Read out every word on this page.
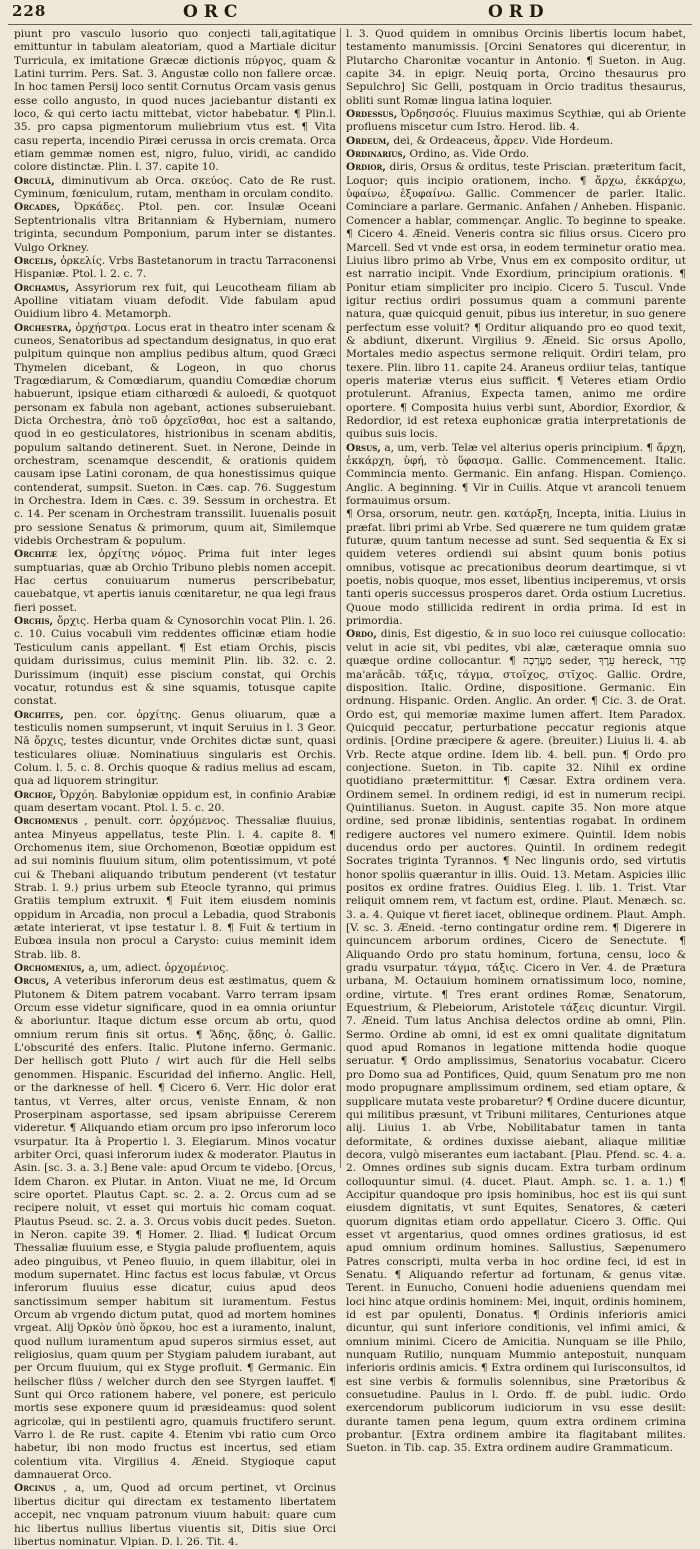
228	ORC	ORD

piunt pro vasculo lusorio quo conjecti tali,agitatique emittuntur in tabulam aleatoriam, quod a Martiale dicitur Turricula, ex imitatione Græcæ dictionis πύργος, quam & Latini turrim. Pers. Sat. 3. Angustæ collo non fallere orcæ. In hoc tamen Persij loco sentit Cornutus Orcam vasis genus esse collo angusto, in quod nuces jaciebantur distanti ex loco, & qui certo iactu mittebat, victor habebatur. ¶ Plin.l. 35. pro capsa pigmentorum muliebrium vtus est. ¶ Vita casu reperta, incendio Piræi cerussa in orcis cremata. Orca etiam gemmæ nomen est, nigro, fuluo, viridi, ac candido colore distinctæ. Plin. l. 37. capite 10.

Orculâ, diminutivum ab Orca. σκεύος. Cato de Re rust. Cyminum, fœniculum, rutam, mentham in orculam condito.

Orcades, Ὀρκάδες. Ptol. pen. cor. Insulæ Oceani Septentrionalis vltra Britanniam & Hyberniam, numero triginta, secundum Pomponium, parum inter se distantes. Vulgo Orkney.

Orcelis, ὀρκελίς. Vrbs Bastetanorum in tractu Tarraconensi Hispaniæ. Ptol. l. 2. c. 7.

Orchamus, Assyriorum rex fuit, qui Leucotheam filiam ab Apolline vitiatam viuam defodit. Vide fabulam apud Ouidium libro 4. Metamorph.

Orchestra, ὀρχήστρα. Locus erat in theatro inter scenam & cuneos, Senatoribus ad spectandum designatus, in quo erat pulpitum quinque non amplius pedibus altum, quod Græci Thymelen dicebant, & Logeon, in quo chorus Tragœdiarum, & Comœdiarum, quandiu Comœdiæ chorum habuerunt, ipsique etiam citharœdi & auloedi, & quotquot personam ex fabula non agebant, actiones subseruiebant. Dicta Orchestra, ἀπὸ τοῦ ὀρχεῖσθαι, hoc est a saltando, quod in eo gesticulatores, histrionibus in scenam abditis, populum saltando detinerent. Suet. in Nerone, Deinde in orchestram, scenamque descendit, & orationis quidem causam ipse Latini coronam, de qua honestissimus quique contenderat, sumpsit. Sueton. in Cæs. cap. 76. Suggestum in Orchestra. Idem in Cæs. c. 39. Sessum in orchestra. Et c. 14. Per scenam in Orchestram transsilit. Iuuenalis posuit pro sessione Senatus & primorum, quum ait, Similemque videbis Orchestram & populum.

Orchitæ lex, ὀρχίτης νόμος. Prima fuit inter leges sumptuarias, quæ ab Orchio Tribuno plebis nomen accepit. Hac certus conuiuarum numerus perscribebatur, cauebatque, vt apertis ianuis cœnitaretur, ne qua legi fraus fieri posset.

Orchis, ὄρχις. Herba quam & Cynosorchin vocat Plin. l. 26. c. 10. Cuius vocabuli vim reddentes officinæ etiam hodie Testiculum canis appellant. ¶ Est etiam Orchis, piscis quidam durissimus, cuius meminit Plin. lib. 32. c. 2. Durissimum (inquit) esse piscium constat, qui Orchis vocatur, rotundus est & sine squamis, totusque capite constat.

Orchites, pen. cor. ὀρχίτης. Genus oliuarum, quæ a testiculis nomen sumpserunt, vt inquit Seruius in l. 3 Geor. Nā ὄρχις, testes dicuntur, vnde Orchites dictæ sunt, quasi testiculares oliuæ. Nominatiuus singularis est Orchis. Colum. l. 5. c. 8. Orchis quoque & radius melius ad escam, qua ad liquorem stringitur.

Orchoe, Ὀρχόη. Babyloniæ oppidum est, in confinio Arabiæ quam desertam vocant. Ptol. l. 5. c. 20.

Orchomenus , penult. corr. ὀρχόμενος. Thessaliæ fluuius, antea Minyeus appellatus, teste Plin. l. 4. capite 8. ¶ Orchomenus item, siue Orchomenon, Bœotiæ oppidum est ad sui nominis fluuium situm, olim potentissimum, vt poté cui & Thebani aliquando tributum penderent (vt testatur Strab. l. 9.) prius urbem sub Eteocle tyranno, qui primus Gratiis templum extruxit. ¶ Fuit item eiusdem nominis oppidum in Arcadia, non procul a Lebadia, quod Strabonis ætate interierat, vt ipse testatur l. 8. ¶ Fuit & tertium in Eubœa insula non procul a Carysto: cuius meminit idem Strab. lib. 8.

Orchomenius, a, um, adiect. ὀρχομένιος.

Orcus, A veteribus inferorum deus est æstimatus, quem & Plutonem & Ditem patrem vocabant. Varro terram ipsam Orcum esse videtur significare, quod in ea omnia oriuntur & aboriuntur. Itaque dictum esse orcum ab ortu, quod omnium rerum finis sit ortus. ¶ ᾍδης, ᾅδης, ὁ. Gallic. L'obscurité des enfers. Italic. Plutone inferno. Germanic. Der hellisch gott Pluto / wirt auch für die Hell selbs genommen. Hispanic. Escuridad del infierno. Anglic. Hell, or the darknesse of hell. ¶ Cicero 6. Verr. Hic dolor erat tantus, vt Verres, alter orcus, veniste Ennam, & non Proserpinam asportasse, sed ipsam abripuisse Cererem videretur. ¶ Aliquando etiam orcum pro ipso inferorum loco vsurpatur. Ita à Propertio l. 3. Elegiarum. Minos vocatur arbiter Orci, quasi inferorum iudex & moderator. Plautus in Asin. [sc. 3. a. 3.] Bene vale: apud Orcum te videbo. [Orcus, Idem Charon. ex Plutar. in Anton. Viuat ne me, Id Orcum scire oportet. Plautus Capt. sc. 2. a. 2. Orcus cum ad se recipere noluit, vt esset qui mortuis hic comam coquat. Plautus Pseud. sc. 2. a. 3. Orcus vobis ducit pedes. Sueton. in Neron. capite 39. ¶ Homer. 2. Iliad. ¶ Iudicat Orcum Thessaliæ fluuium esse, e Stygia palude profluentem, aquis adeo pinguibus, vt Peneo fluuio, in quem illabitur, olei in modum supernatet. Hinc factus est locus fabulæ, vt Orcus inferorum fluuius esse dicatur, cuius apud deos sanctissimum semper habitum sit iuramentum. Festus Orcum ab vrgendo dictum putat, quod ad mortem homines vrgeat. Alij Ὀρκὸν ὑπὸ ὅρκου, hoc est a iuramento, inalunt, quod nullum iuramentum apud superos sirmius esset, aut religiosius, quam quum per Stygiam paludem iurabant, aut per Orcum fluuium, qui ex Styge profluit. ¶ Germanic. Ein heilscher flüss / welcher durch den see Styrgen lauffet. ¶ Sunt qui Orco rationem habere, vel ponere, est periculo mortis sese exponere quum id præsideamus: quod solent agricolæ, qui in pestilenti agro, quamuis fructifero serunt. Varro l. de Re rust. capite 4. Etenim vbi ratio cum Orco habetur, ibi non modo fructus est incertus, sed etiam colentium vita. Virgilius 4. Æneid. Stygioque caput damnauerat Orco.

Orcinus , a, um, Quod ad orcum pertinet, vt Orcinus libertus dicitur qui directam ex testamento libertatem accepit, nec vnquam patronum viuum habuit: quare cum hic libertus nullius libertus viuentis sit, Ditis siue Orci libertus nominatur. Vlpian. D. l. 26. Tit. 4.

l. 3. Quod quidem in omnibus Orcinis libertis locum habet, testamento manumissis. [Orcini Senatores qui dicerentur, in Plutarcho Charonitæ vocantur in Antonio. ¶ Sueton. in Aug. capite 34. in epigr. Neuiq porta, Orcino thesaurus pro Sepulchro] Sic Gelli, postquam in Orcio traditus thesaurus, obliti sunt Romæ lingua latina loquier.

Ordessus, Ὀρδησσός. Fluuius maximus Scythiæ, qui ab Oriente profluens miscetur cum Istro. Herod. lib. 4.

Ordeum, dei, & Ordeaceus, ἄρρεν. Vide Hordeum.

Ordinarius, Ordino, as. Vide Ordo.

Ordior, diris, Orsus & orditus, teste Priscian. præteritum facit, Loquor; quis incipio orationem, incho. ¶ ἄρχω, ἐκκάρχω, ὑφαίνω, ἐξυφαίνω. Gallic. Commencer de parler. Italic. Cominciare a parlare. Germanic. Anfahen / Anheben. Hispanic. Comencer a hablar, commençar. Anglic. To beginne to speake. ¶ Cicero 4. Æneid. Veneris contra sic filius orsus. Cicero pro Marcell. Sed vt vnde est orsa, in eodem terminetur oratio mea. Liuius libro primo ab Vrbe, Vnus em ex composito orditur, ut est narratio incipit. Vnde Exordium, principium orationis. ¶ Ponitur etiam simpliciter pro incipio. Cicero 5. Tuscul. Vnde igitur rectius ordiri possumus quam a communi parente natura, quæ quicquid genuit, pibus ius interetur, in suo genere perfectum esse voluit? ¶ Orditur aliquando pro eo quod texit, & abdiunt, dixerunt. Virgilius 9. Æneid. Sic orsus Apollo, Mortales medio aspectus sermone reliquit. Ordiri telam, pro texere. Plin. libro 11. capite 24. Araneus ordiiur telas, tantique operis materiæ vterus eius sufficit. ¶ Veteres etiam Ordio protulerunt. Afranius, Expecta tamen, animo me ordire oportere. ¶ Composita huius verbi sunt, Abordior, Exordior, & Redordior, id est retexa euphonicæ gratia interpretationis de quibus suis locis.

Orsus, a, um, verb. Telæ vel alterius operis principium. ¶ ἄρχη, ἐκκάρχη, ὑφή, τὸ ὕφασμα. Gallic. Commencement. Italic. Commincia mento. Germanic. Ein anfang. Hispan. Comienço. Anglic. A beginning. ¶ Vir in Cuilis. Atque vt arancoli tenuem formauimus orsum.

¶ Orsa, orsorum, neutr. gen. κατάρξη, Incepta, initia. Liuius in præfat. libri primi ab Vrbe. Sed quærere ne tum quidem gratæ futuræ, quum tantum necesse ad sunt. Sed sequentia & Ex si quidem veteres ordiendi sui absint quum bonis potius omnibus, votisque ac precationibus deorum deartimque, si vt poetis, nobis quoque, mos esset, libentius inciperemus, vt orsis tanti operis successus prosperos daret. Orda ostium Lucretius. Quoue modo stillicida redirent in ordia prima. Id est in primordia.

Ordo, dinis, Est digestio, & in suo loco rei cuiusque collocatio: velut in acie sit, vbi pedites, vbi alæ, cæteraque omnia suo quæque ordine collocantur. ¶ מַעֲרָכָה seder, עֵרֶךְ hereck, סֵדֶר ma'arâcâb. τάξις, τάγμα, στοῖχος, στῖχος. Gallic. Ordre, disposition. Italic. Ordine, dispositione. Germanic. Ein ordnung. Hispanic. Orden. Anglic. An order. ¶ Cic. 3. de Orat. Ordo est, qui memoriæ maxime lumen affert. Item Paradox. Quicquid peccatur, perturbatione peccatur regionis atque ordinis. [Ordine præcipere & agere. (breuiter.) Liuius li. 4. ab Vrb. Recte atque ordine. Idem lib. 4. bell. pun. ¶ Ordo pro conjectione. Sueton. in Tib. capite 32. Nihil ex ordine quotidiano prætermittitur. ¶ Cæsar. Extra ordinem vera. Ordinem semel. In ordinem redigi, id est in numerum recipi. Quintilianus. Sueton. in August. capite 35. Non more atque ordine, sed pronæ libidinis, sententias rogabat. In ordinem redigere auctores vel numero eximere. Quintil. Idem nobis ducendus ordo per auctores. Quintil. In ordinem redegit Socrates triginta Tyrannos. ¶ Nec lingunis ordo, sed virtutis honor spoliis quærantur in illis. Ouid. 13. Metam. Aspicies illic positos ex ordine fratres. Ouidius Eleg. l. lib. 1. Trist. Vtar reliquit omnem rem, vt factum est, ordine. Plaut. Menæch. sc. 3. a. 4. Quique vt fieret iacet, oblineque ordinem. Plaut. Amph. [V. sc. 3. Æneid. -terno contingatur ordine rem. ¶ Digerere in quincuncem arborum ordines, Cicero de Senectute. ¶ Aliquando Ordo pro statu hominum, fortuna, censu, loco & gradu vsurpatur. τάγμα, τάξις. Cicero in Ver. 4. de Prætura urbana, M. Octauium hominem ornatissimum loco, nomine, ordine, virtute. ¶ Tres erant ordines Romæ, Senatorum, Equestrium, & Plebeiorum, Aristotele τάξεις dicuntur. Virgil. 7. Æneid. Tum latus Anchisa delectos ordine ab omni, Plin. Sermo. Ordine ab omni, id est ex omni qualitate dignitatum quod apud Romanos in legatione mittenda hodie quoque seruatur. ¶ Ordo amplissimus, Senatorius vocabatur. Cicero pro Domo sua ad Pontifices, Quid, quum Senatum pro me non modo propugnare amplissimum ordinem, sed etiam optare, & supplicare mutata veste probaretur? ¶ Ordine ducere dicuntur, qui militibus præsunt, vt Tribuni militares, Centuriones atque alij. Liuius 1. ab Vrbe, Nobilitabatur tamen in tanta deformitate, & ordines duxisse aiebant, aliaque militiæ decora, vulgò miserantes eum iactabant. [Plau. Pfend. sc. 4. a. 2. Omnes ordines sub signis ducam. Extra turbam ordinum colloquuntur simul. (4. ducet. Plaut. Amph. sc. 1. a. 1.) ¶ Accipitur quandoque pro ipsis hominibus, hoc est iis qui sunt eiusdem dignitatis, vt sunt Equites, Senatores, & cæteri quorum dignitas etiam ordo appellatur. Cicero 3. Offic. Qui esset vt argentarius, quod omnes ordines gratiosus, id est apud omnium ordinum homines. Sallustius, Sæpenumero Patres conscripti, multa verba in hoc ordine feci, id est in Senatu. ¶ Aliquando refertur ad fortunam, & genus vitæ. Terent. in Eunucho, Conueni hodie adueniens quendam mei loci hinc atque ordinis hominem: Mei, inquit, ordinis hominem, id est par opulenti, Donatus. ¶ Ordinis inferioris amici dicuntur, qui sunt inferiore conditionis, vel infimi amici, & omnium minimi. Cicero de Amicitia. Nunquam se ille Philo, nunquam Rutilio, nunquam Mummio antepostuit, nunquam inferioris ordinis amicis. ¶ Extra ordinem qui Iurisconsultos, id est sine verbis & formulis solennibus, sine Prætoribus & consuetudine. Paulus in l. Ordo. ff. de publ. iudic. Ordo exercendorum publicorum iudiciorum in vsu esse desiit: durante tamen pena legum, quum extra ordinem crimina probantur. [Extra ordinem ambire ita flagitabant milites. Sueton. in Tib. cap. 35. Extra ordinem audire Grammaticum.
